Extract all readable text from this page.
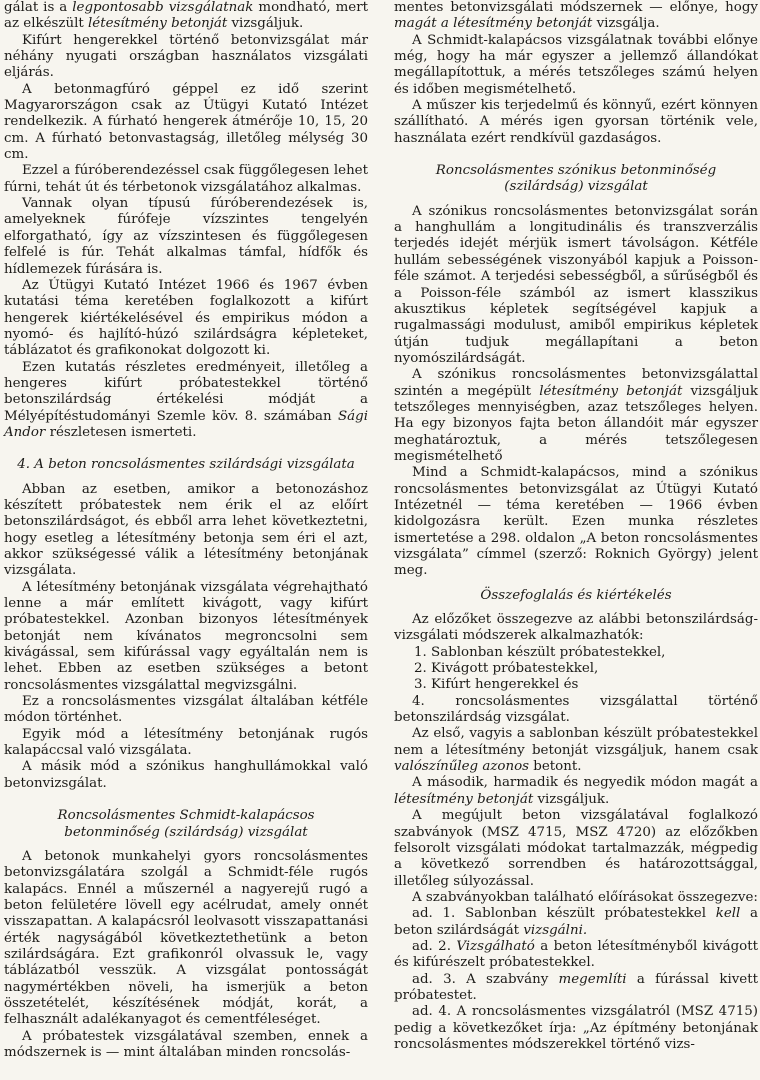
gálat is a legpontosabb vizsgálatnak mondható, mert az elkészült létesítmény betonját vizsgáljuk.

Kifúrt hengerekkel történő betonvizsgálat már néhány nyugati országban használatos vizsgálati eljárás.

A betonmagfúró géppel ez idő szerint Magyarországon csak az Útügyi Kutató Intézet rendelkezik. A fúrható hengerek átmérője 10, 15, 20 cm. A fúrható betonvastagság, illetőleg mélység 30 cm.

Ezzel a fúróberendezéssel csak függőlegesen lehet fúrni, tehát út és térbetonok vizsgálatához alkalmas.

Vannak olyan típusú fúróberendezések is, amelyeknek fúrófeje vízszintes tengelyén elforgatható, így az vízszintesen és függőlegesen felfelé is fúr. Tehát alkalmas támfal, hídfők és hídlemezek fúrására is.

Az Útügyi Kutató Intézet 1966 és 1967 évben kutatási téma keretében foglalkozott a kifúrt hengerek kiértékelésével és empirikus módon a nyomó- és hajlító-húzó szilárdságra képleteket, táblázatot és grafikonokat dolgozott ki.

Ezen kutatás részletes eredményeit, illetőleg a hengeres kifúrt próbatestekkel történő betonszilárdság értékelési módját a Mélyépítéstudományi Szemle köv. 8. számában Sági Andor részletesen ismerteti.

4. A beton roncsolásmentes szilárdsági vizsgálata

Abban az esetben, amikor a betonozáshoz készített próbatestek nem érik el az előírt betonszilárdságot, és ebből arra lehet következtetni, hogy esetleg a létesítmény betonja sem éri el azt, akkor szükségessé válik a létesítmény betonjának vizsgálata.

A létesítmény betonjának vizsgálata végrehajtható lenne a már említett kivágott, vagy kifúrt próbatestekkel. Azonban bizonyos létesítmények betonját nem kívánatos megroncsolni sem kivágással, sem kifúrással vagy egyáltalán nem is lehet. Ebben az esetben szükséges a betont roncsolásmentes vizsgálattal megvizsgálni.

Ez a roncsolásmentes vizsgálat általában kétféle módon történhet.

Egyik mód a létesítmény betonjának rugós kalapáccsal való vizsgálata.

A másik mód a szónikus hanghullámokkal való betonvizsgálat.

Roncsolásmentes Schmidt-kalapácsos
betonminőség (szilárdság) vizsgálat

A betonok munkahelyi gyors roncsolásmentes betonvizsgálatára szolgál a Schmidt-féle rugós kalapács. Ennél a műszernél a nagyerejű rugó a beton felületére lövell egy acélrudat, amely onnét visszapattan. A kalapácsról leolvasott visszapattanási érték nagyságából következtethetünk a beton szilárdságára. Ezt grafikonról olvassuk le, vagy táblázatból vesszük. A vizsgálat pontosságát nagymértékben növeli, ha ismerjük a beton összetételét, készítésének módját, korát, a felhasznált adalékanyagot és cementféleséget.

A próbatestek vizsgálatával szemben, ennek a módszernek is — mint általában minden roncsolás-

mentes betonvizsgálati módszernek — előnye, hogy magát a létesítmény betonját vizsgálja.

A Schmidt-kalapácsos vizsgálatnak további előnye még, hogy ha már egyszer a jellemző állandókat megállapítottuk, a mérés tetszőleges számú helyen és időben megismételhető.

A műszer kis terjedelmű és könnyű, ezért könnyen szállítható. A mérés igen gyorsan történik vele, használata ezért rendkívül gazdaságos.

Roncsolásmentes szónikus betonminőség
(szilárdság) vizsgálat

A szónikus roncsolásmentes betonvizsgálat során a hanghullám a longitudinális és transzverzális terjedés idejét mérjük ismert távolságon. Kétféle hullám sebességének viszonyából kapjuk a Poisson-féle számot. A terjedési sebességből, a sűrűségből és a Poisson-féle számból az ismert klasszikus akusztikus képletek segítségével kapjuk a rugalmassági modulust, amiből empirikus képletek útján tudjuk megállapítani a beton nyomószilárdságát.

A szónikus roncsolásmentes betonvizsgálattal szintén a megépült létesítmény betonját vizsgáljuk tetszőleges mennyiségben, azaz tetszőleges helyen. Ha egy bizonyos fajta beton állandóit már egyszer meghatároztuk, a mérés tetszőlegesen megismételhető

Mind a Schmidt-kalapácsos, mind a szónikus roncsolásmentes betonvizsgálat az Útügyi Kutató Intézetnél — téma keretében — 1966 évben kidolgozásra került. Ezen munka részletes ismertetése a 298. oldalon „A beton roncsolásmentes vizsgálata” címmel (szerző: Roknich György) jelent meg.

Összefoglalás és kiértékelés

Az előzőket összegezve az alábbi betonszilárdság-vizsgálati módszerek alkalmazhatók:

1. Sablonban készült próbatestekkel,

2. Kivágott próbatestekkel,

3. Kifúrt hengerekkel és

4. roncsolásmentes vizsgálattal történő betonszilárdság vizsgálat.

Az első, vagyis a sablonban készült próbatestekkel nem a létesítmény betonját vizsgáljuk, hanem csak valószínűleg azonos betont.

A második, harmadik és negyedik módon magát a létesítmény betonját vizsgáljuk.

A megújult beton vizsgálatával foglalkozó szabványok (MSZ 4715, MSZ 4720) az előzőkben felsorolt vizsgálati módokat tartalmazzák, mégpedig a következő sorrendben és határozottsággal, illetőleg súlyozással.

A szabványokban található előírásokat összegezve:

ad. 1. Sablonban készült próbatestekkel kell a beton szilárdságát vizsgálni.

ad. 2. Vizsgálható a beton létesítményből kivágott és kifúrészelt próbatestekkel.

ad. 3. A szabvány megemlíti a fúrással kivett próbatestet.

ad. 4. A roncsolásmentes vizsgálatról (MSZ 4715) pedig a következőket írja: „Az építmény betonjának roncsolásmentes módszerekkel történő vizs-
